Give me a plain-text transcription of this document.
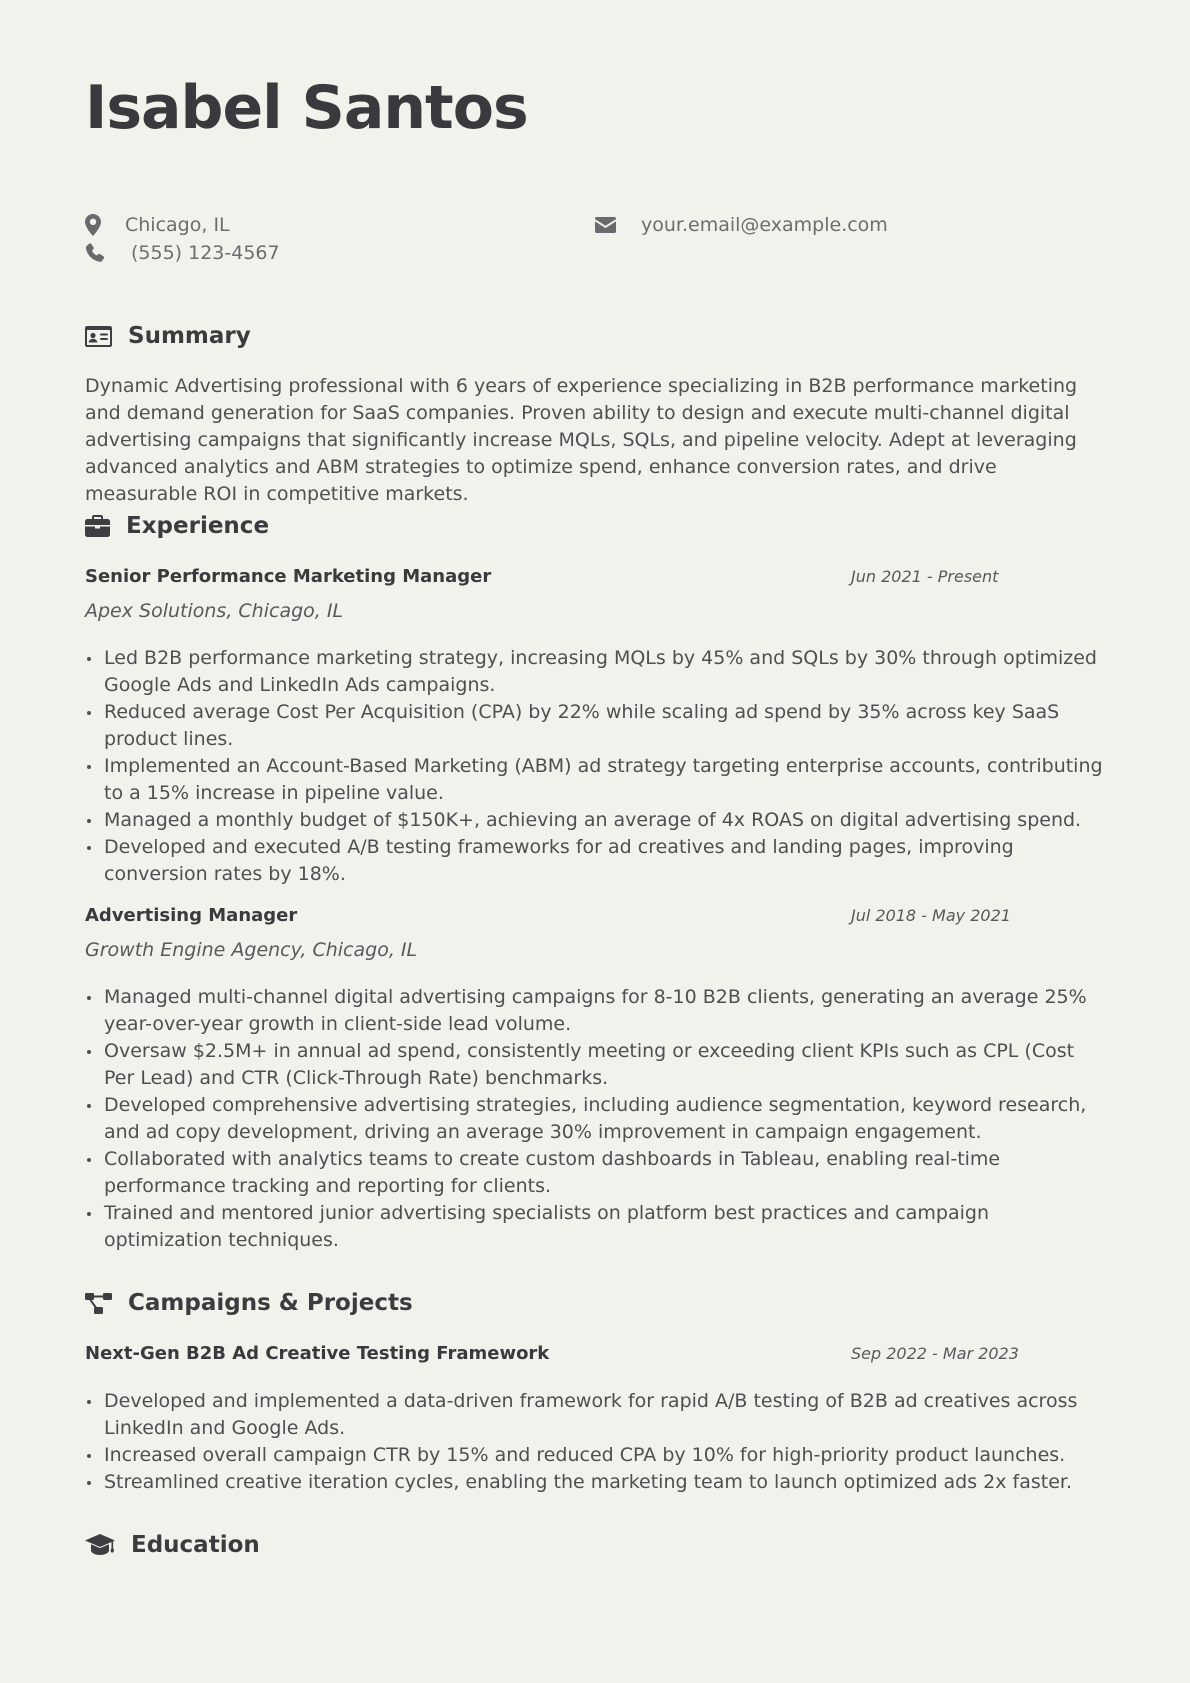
Isabel Santos
Chicago, IL	your.email@example.com
(555) 123-4567
Summary

Dynamic Advertising professional with 6 years of experience specializing in B2B performance marketing and demand generation for SaaS companies. Proven ability to design and execute multi-channel digital advertising campaigns that significantly increase MQLs, SQLs, and pipeline velocity. Adept at leveraging advanced analytics and ABM strategies to optimize spend, enhance conversion rates, and drive measurable ROI in competitive markets.

Experience
Senior Performance Marketing Manager	Jun 2021 - Present
Apex Solutions, Chicago, IL
Led B2B performance marketing strategy, increasing MQLs by 45% and SQLs by 30% through optimized Google Ads and LinkedIn Ads campaigns.
Reduced average Cost Per Acquisition (CPA) by 22% while scaling ad spend by 35% across key SaaS product lines.
Implemented an Account-Based Marketing (ABM) ad strategy targeting enterprise accounts, contributing to a 15% increase in pipeline value.
Managed a monthly budget of $150K+, achieving an average of 4x ROAS on digital advertising spend.
Developed and executed A/B testing frameworks for ad creatives and landing pages, improving conversion rates by 18%.
Advertising Manager	Jul 2018 - May 2021
Growth Engine Agency, Chicago, IL
Managed multi-channel digital advertising campaigns for 8-10 B2B clients, generating an average 25% year-over-year growth in client-side lead volume.
Oversaw $2.5M+ in annual ad spend, consistently meeting or exceeding client KPIs such as CPL (Cost Per Lead) and CTR (Click-Through Rate) benchmarks.
Developed comprehensive advertising strategies, including audience segmentation, keyword research, and ad copy development, driving an average 30% improvement in campaign engagement.
Collaborated with analytics teams to create custom dashboards in Tableau, enabling real-time performance tracking and reporting for clients.
Trained and mentored junior advertising specialists on platform best practices and campaign optimization techniques.
Campaigns & Projects
Next-Gen B2B Ad Creative Testing Framework	Sep 2022 - Mar 2023
Developed and implemented a data-driven framework for rapid A/B testing of B2B ad creatives across LinkedIn and Google Ads.
Increased overall campaign CTR by 15% and reduced CPA by 10% for high-priority product launches.
Streamlined creative iteration cycles, enabling the marketing team to launch optimized ads 2x faster.
Education
